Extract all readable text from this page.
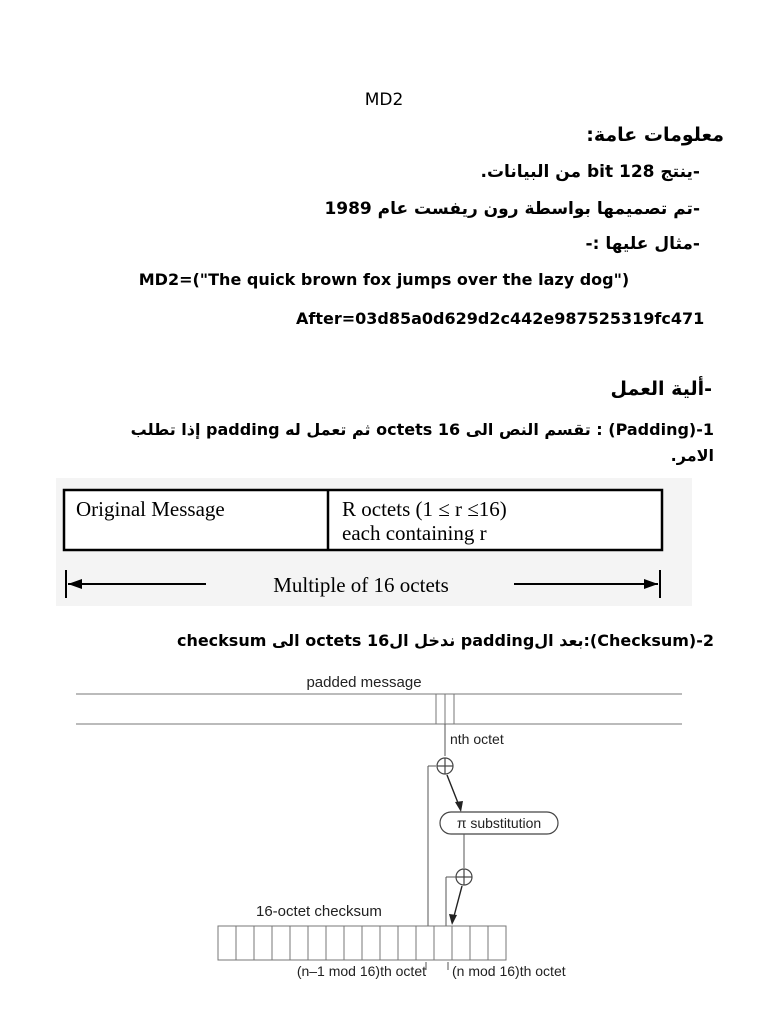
MD2
معلومات عامة:
-ينتج 128 bit من البيانات.
-تم تصميمها بواسطة رون ريفست عام 1989
-مثال عليها :-
MD2=("The quick brown fox jumps over the lazy dog")
After=03d85a0d629d2c442e987525319fc471
-ألية العمل
1-(Padding) : تقسم النص الى 16 octets ثم تعمل له padding إذا تطلب الامر.
Original Message	R octets (1 ≤ r ≤16)
each containing r
Multiple of 16 octets
2-(Checksum):بعد الpadding ندخل الoctets 16 الى checksum
padded message
nth octet
π substitution
16-octet checksum
(n–1 mod 16)th octet (n mod 16)th octet
